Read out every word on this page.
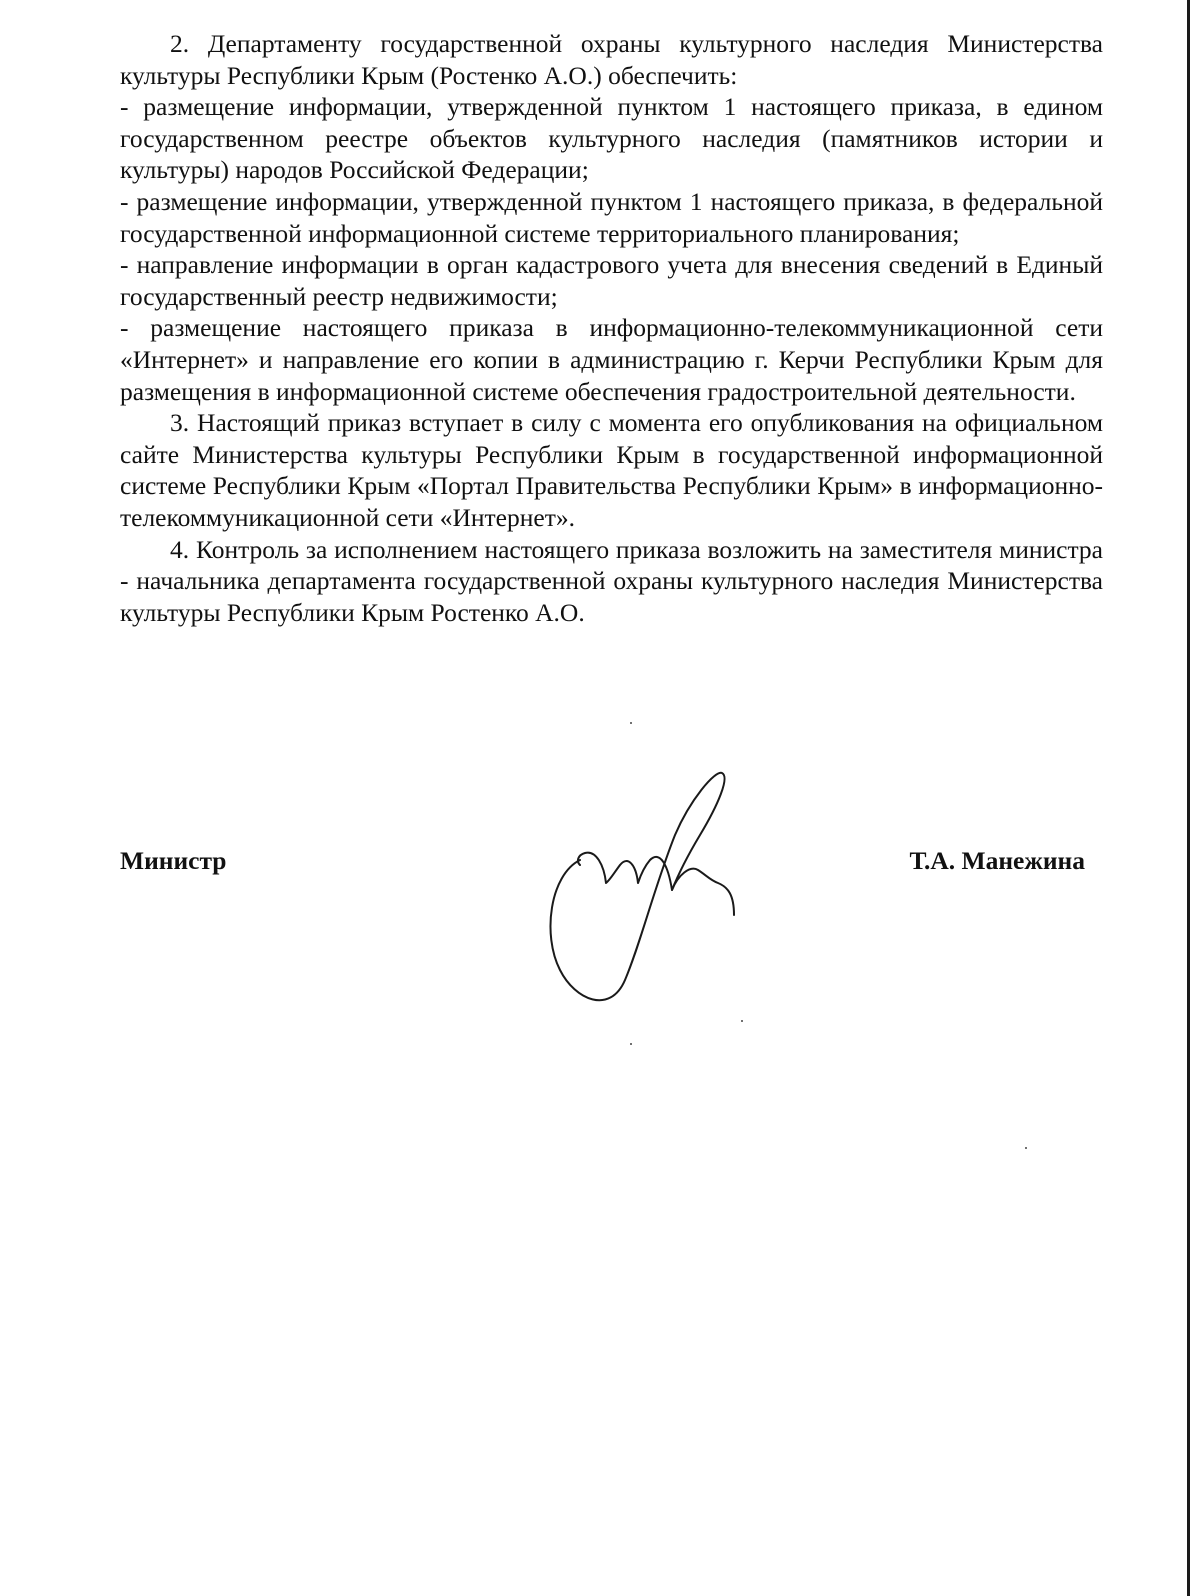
2. Департаменту государственной охраны культурного наследия Министерства культуры Республики Крым (Ростенко А.О.) обеспечить:

- размещение информации, утвержденной пунктом 1 настоящего приказа, в едином государственном реестре объектов культурного наследия (памятников истории и культуры) народов Российской Федерации;

- размещение информации, утвержденной пунктом 1 настоящего приказа, в федеральной государственной информационной системе территориального планирования;

- направление информации в орган кадастрового учета для внесения сведений в Единый государственный реестр недвижимости;

- размещение настоящего приказа в информационно-телекоммуникационной сети «Интернет» и направление его копии в администрацию г. Керчи Республики Крым для размещения в информационной системе обеспечения градостроительной деятельности.

3. Настоящий приказ вступает в силу с момента его опубликования на официальном сайте Министерства культуры Республики Крым в государственной информационной системе Республики Крым «Портал Правительства Республики Крым» в информационно-телекоммуникационной сети «Интернет».

4. Контроль за исполнением настоящего приказа возложить на заместителя министра - начальника департамента государственной охраны культурного наследия Министерства культуры Республики Крым Ростенко А.О.

Министр	Т.А. Манежина
